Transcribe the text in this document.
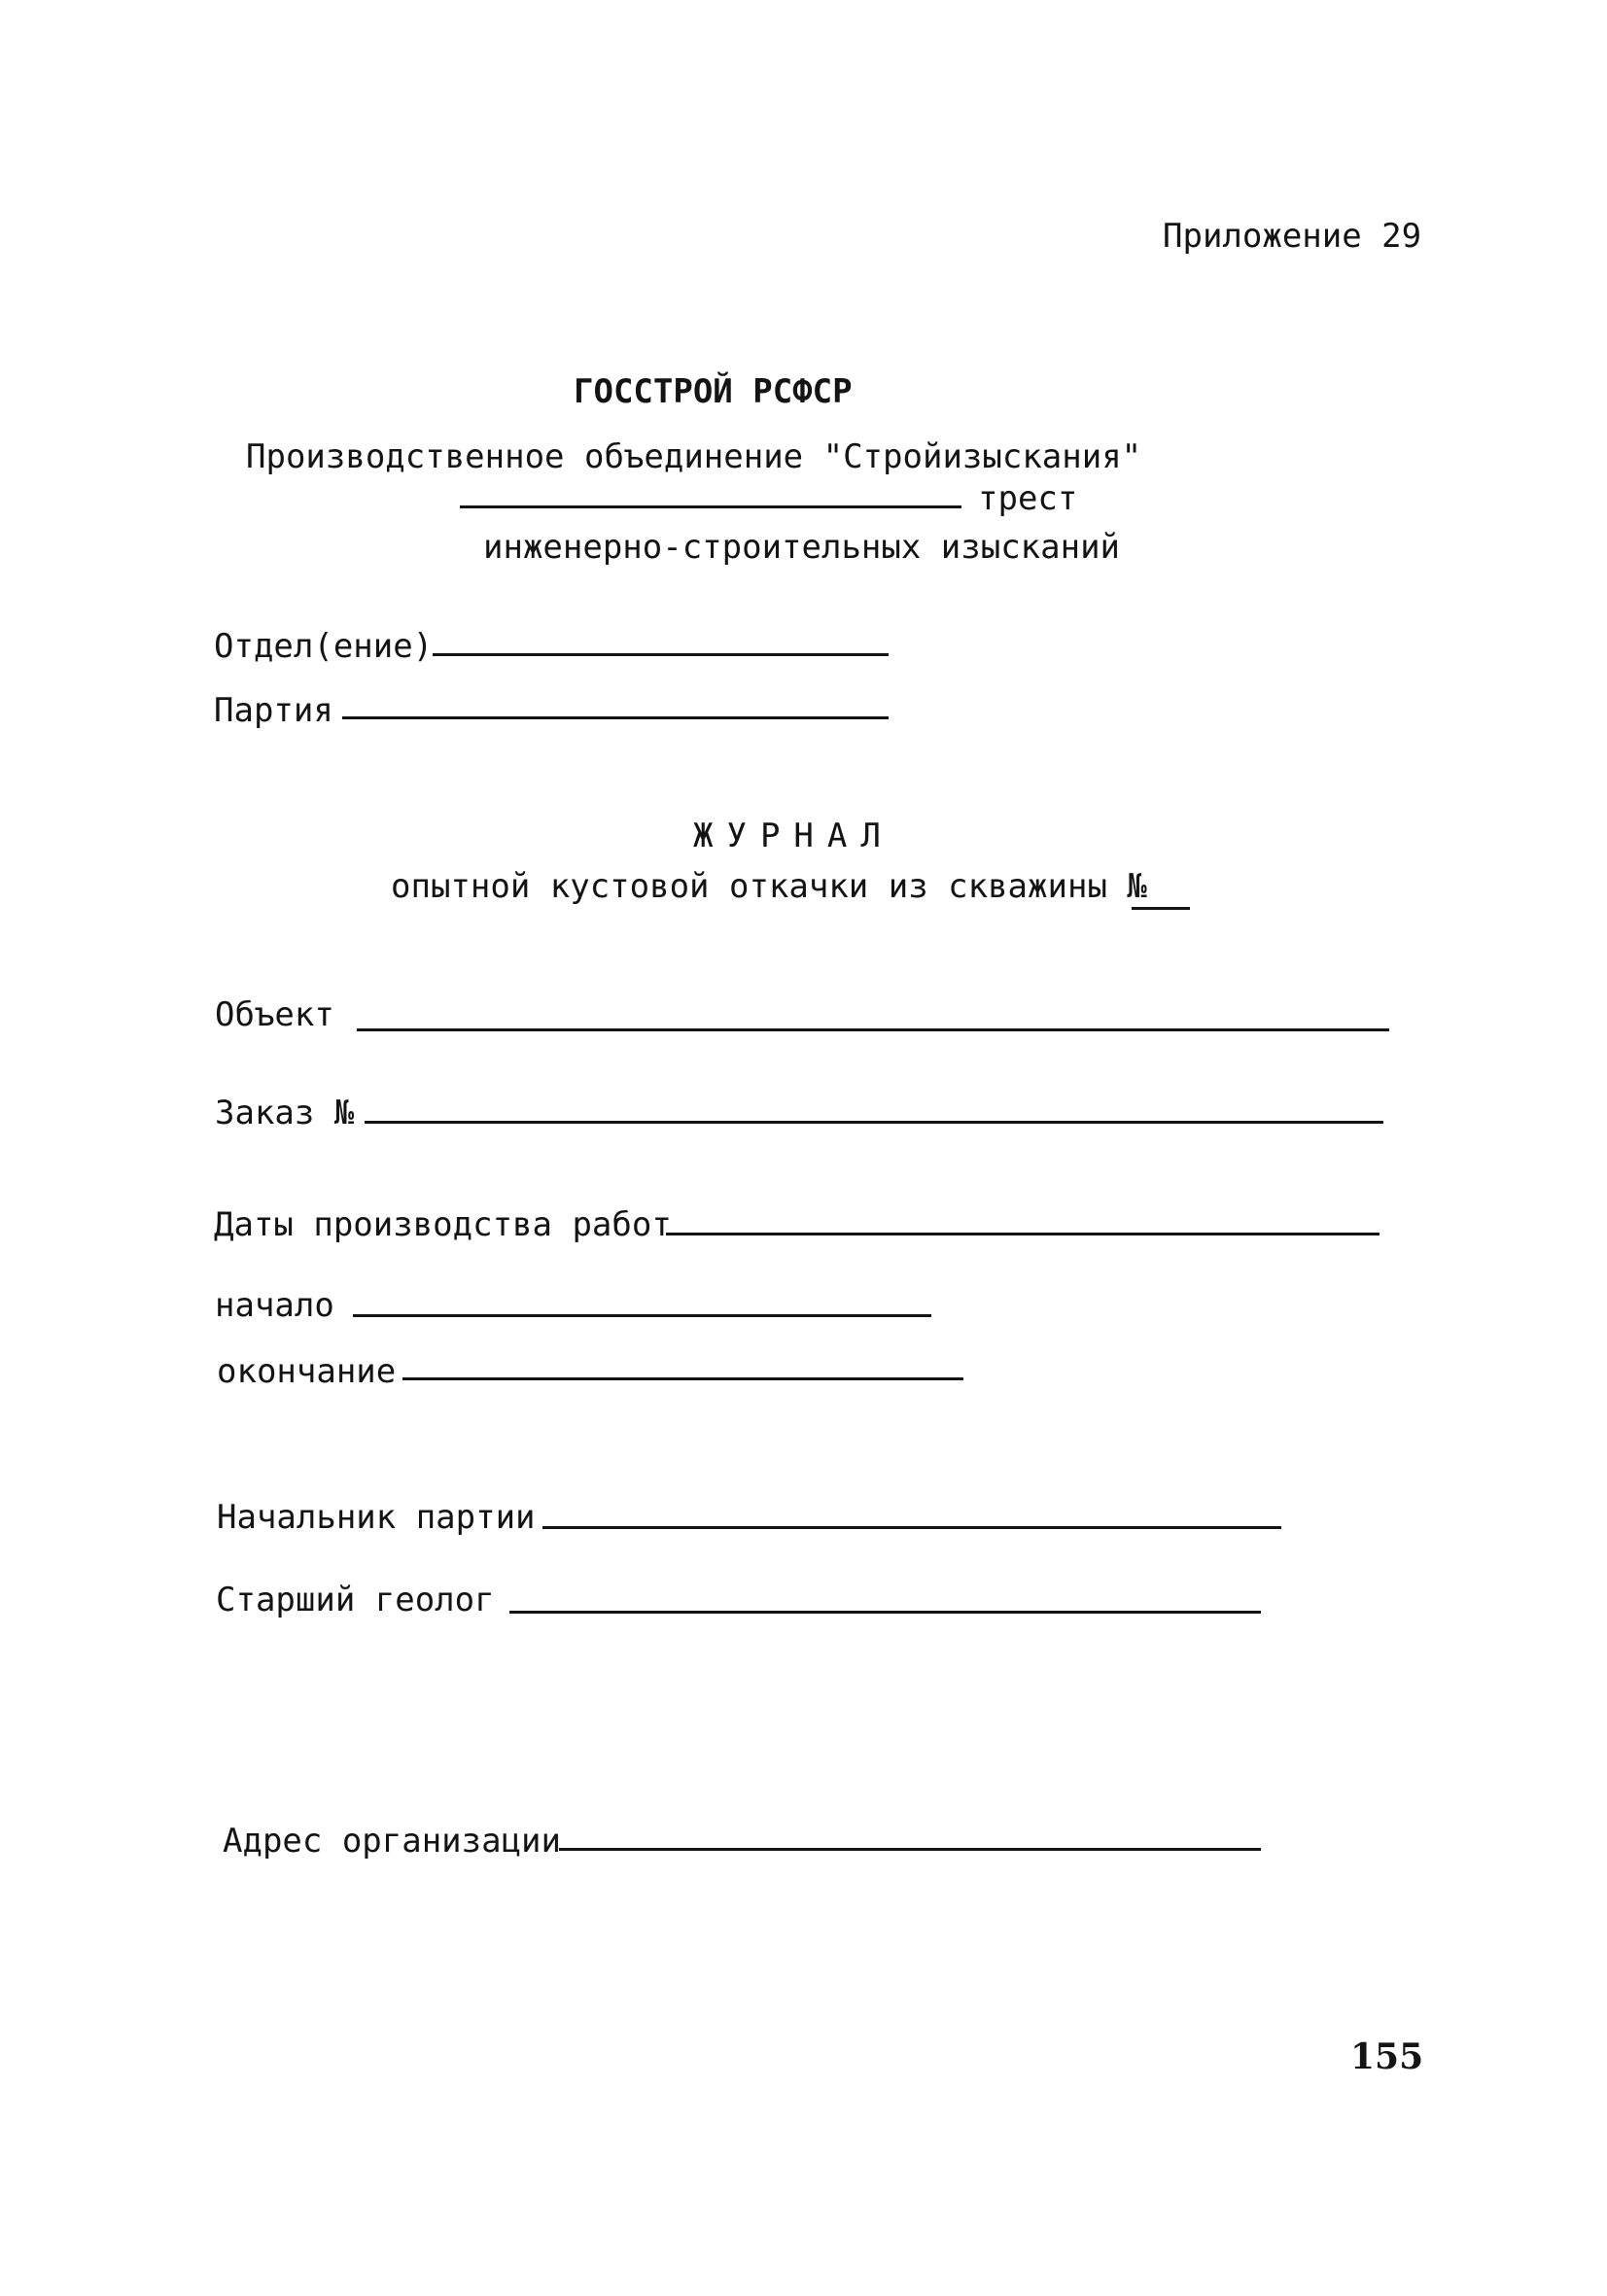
Приложение 29
ГОССТРОЙ РСФСР
Производственное объединение "Стройизыскания"
трест
инженерно-строительных изысканий
Отдел(ение)
Партия
ЖУРНАЛ
опытной кустовой откачки из скважины №
Объект
Заказ №
Даты производства работ
начало
окончание
Начальник партии
Старший геолог
Адрес организации
155
